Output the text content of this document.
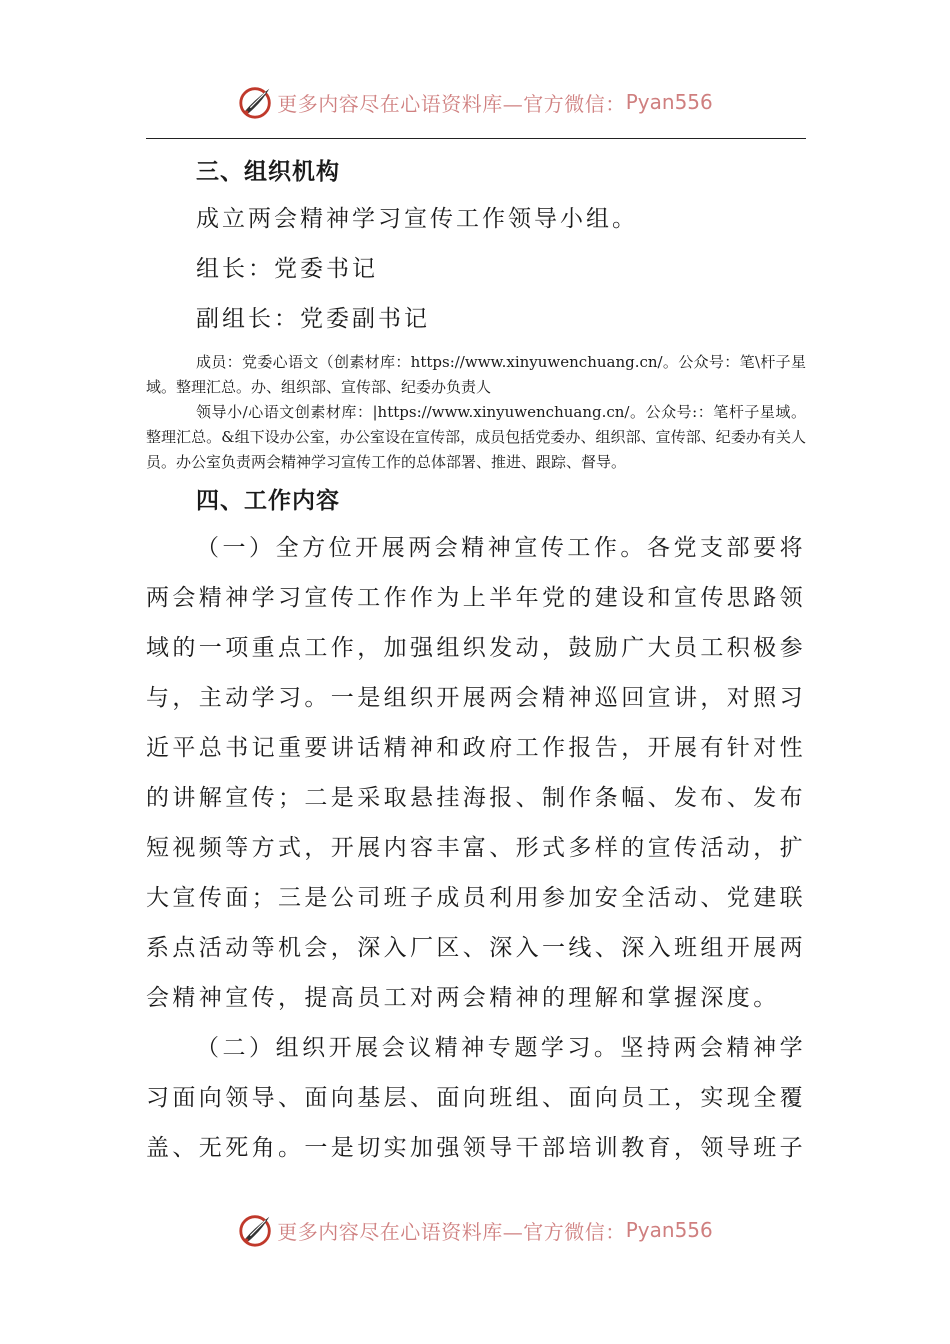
更多内容尽在心语资料库—官方微信： Pyan556

三、组织机构

成立两会精神学习宣传工作领导小组。

组长：党委书记

副组长：党委副书记

成员：党委心语文（创素材库：https://www.xinyuwenchuang.cn/。公众号：笔\杆子星域。整理汇总。办、组织部、宣传部、纪委办负责人

领导小/心语文创素材库：|https://www.xinyuwenchuang.cn/。公众号:：笔杆子星域。整理汇总。&组下设办公室，办公室设在宣传部，成员包括党委办、组织部、宣传部、纪委办有关人员。办公室负责两会精神学习宣传工作的总体部署、推进、跟踪、督导。

四、工作内容

（一）全方位开展两会精神宣传工作。各党支部要将两会精神学习宣传工作作为上半年党的建设和宣传思路领域的一项重点工作，加强组织发动，鼓励广大员工积极参与，主动学习。一是组织开展两会精神巡回宣讲，对照习近平总书记重要讲话精神和政府工作报告，开展有针对性的讲解宣传；二是采取悬挂海报、制作条幅、发布、发布短视频等方式，开展内容丰富、形式多样的宣传活动，扩大宣传面；三是公司班子成员利用参加安全活动、党建联系点活动等机会，深入厂区、深入一线、深入班组开展两会精神宣传，提高员工对两会精神的理解和掌握深度。

（二）组织开展会议精神专题学习。坚持两会精神学习面向领导、面向基层、面向班组、面向员工，实现全覆盖、无死角。一是切实加强领导干部培训教育，领导班子

更多内容尽在心语资料库—官方微信： Pyan556
